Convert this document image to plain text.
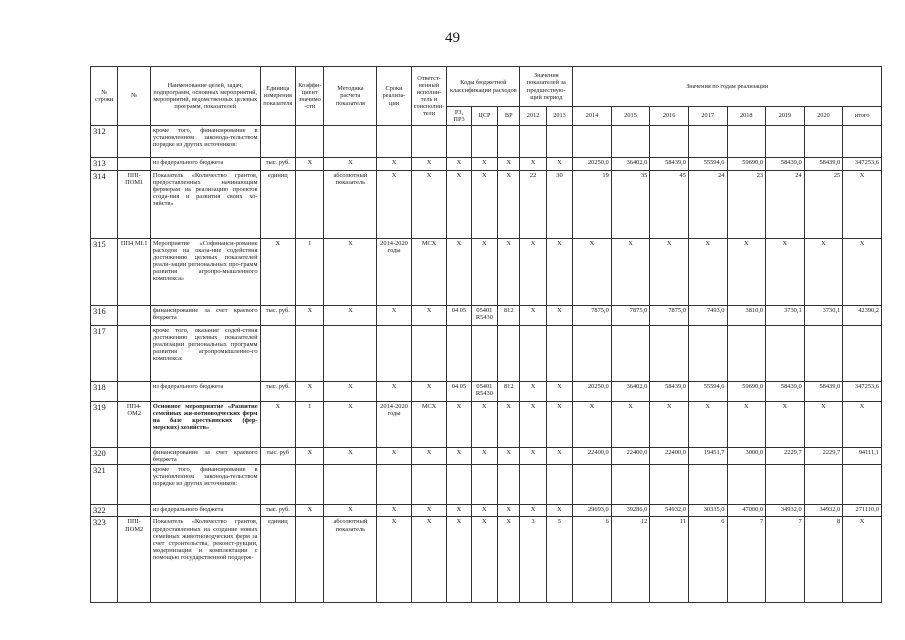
49
№ строки	№	Наименование целей, задач, подпрограмм, основных мероприятий, мероприятий, ведомственных целевых программ, показателей	Единица измерения показателя	Коэффи-циент значимо-сти	Методика расчета показателя	Сроки реализа-ции	Ответст-венный исполни-тель и соисполни-тели	Коды бюджетной классификации расходов			Значения показателей за предшествую-щий период		Значения по годам реализации							
								РЗ, ПР3	ЦСР	ВР	2012	2013	2014	2015	2016	2017	2018	2019	2020	итого
312		кроме того, финансирование в установленном законода-тельством порядке из других источников:																		
313		из федерального бюджета	тыс. руб.	X	X	X	X	X	X	X	X	X	20250,0	36402,0	58439,0	55594,6	59690,0	58439,0	58439,0	347253,6
314	ППI-ПОМ1	Показатель «Количество грантов, предоставленных начинающим фермерам на реализацию проектов созда-ния и развития своих хо-зяйств»	единиц		абсолютный показатель	X	X	X	X	X	22	30	19	35	45	24	23	24	25	X
315	ПП4 МI.1	Мероприятие «Софинанси-рование расходов на оказа-ние содействия достижению целевых показателей реали-зации региональных про-грамм развития агропро-мышленного комплекса»	X	1	X	2014-2020 годы	МСХ	X	X	X	X	X	X	X	X	X	X	X	X	X
316		финансирование за счет краевого бюджета	тыс. руб.	X	X	X	X	04 05	05401 R5430	812	X	X	7875,0	7875,0	7875,0	7493,0	3810,0	3730,1	3730,1	42390,2
317		кроме того, оказание содей-ствия достижению целевых показателей реализации региональных программ развития агропромышленно-го комплекса:																		
318		из федерального бюджета	тыс. руб.	X	X	X	X	04 05	05401 R5430	812	X	X	20250,0	36402,0	58439,0	55594,6	59690,0	58439,0	58439,0	347253,6
319	ПП4-ОМ2	Основное мероприятие «Развитие семейных жи-вотноводческих ферм на базе крестьянских (фер-мерских) хозяйств»	X	1	X	2014-2020 годы	МСХ	X	X	X	X	X	X	X	X	X	X	X	X	X
320		финансирование за счет краевого бюджета	тыс. руб	X	X	X	X	X	X	X	X	X	22400,0	22400,0	22400,0	19451,7	3000,0	2229,7	2229,7	94111,1
321		кроме того, финансирование в установленном законода-тельством порядке из других источников:																		
322		из федерального бюджета	тыс. руб.	X	X	X	X	X	X	X	X	X	29693,0	39286,0	54932,0	30335,0	47000,0	34932,0	34932,0	271110,0
323	ППI-ПОМ2	Показатель «Количество грантов, предоставленных на создание новых семейных животноводческих ферм за счет строительства, реконст-рукции, модернизации и комплектации с помощью государственной поддерж-	единиц		абсолютный показатель	X	X	X	X	X	3	5	6	12	11	6	7	7	8	X
